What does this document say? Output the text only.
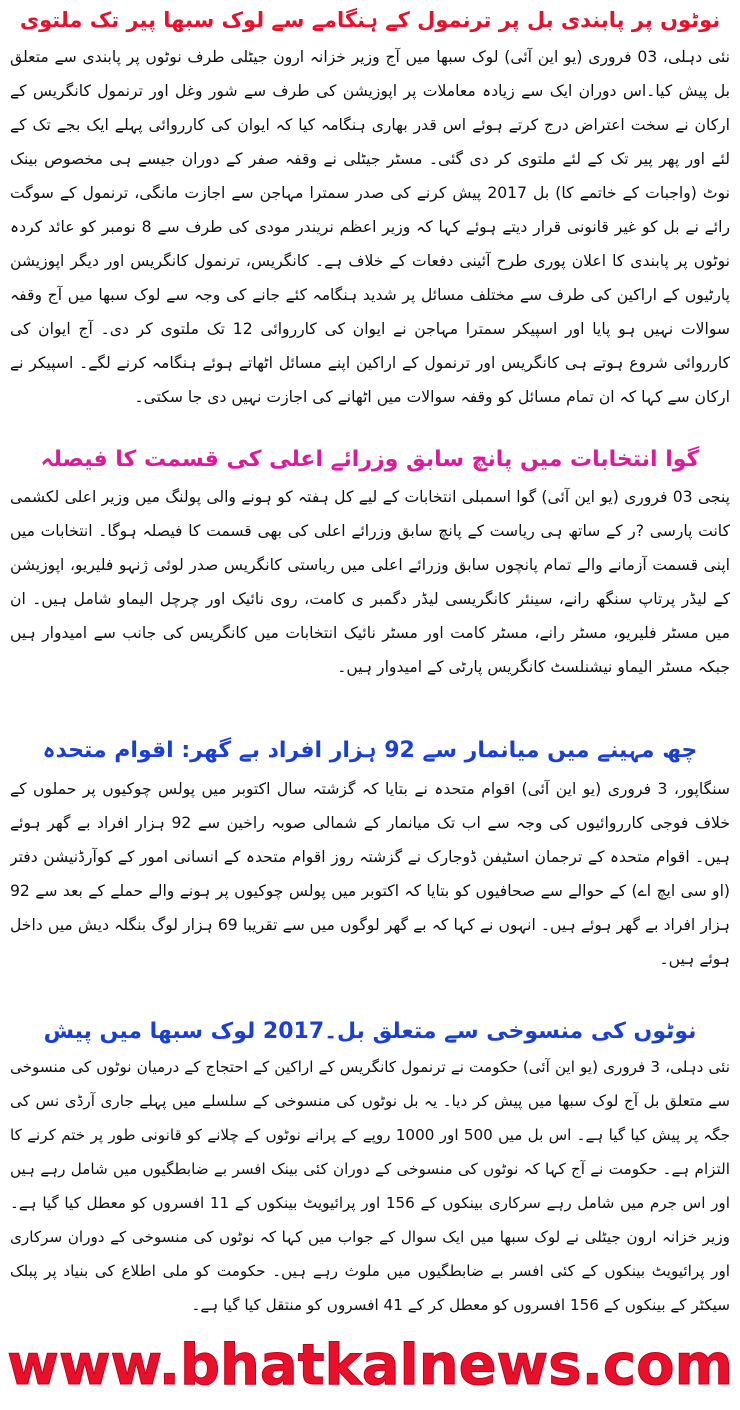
نوٹوں پر پابندی بل پر ترنمول کے ہنگامے سے لوک سبھا پیر تک ملتوی
نئی دہلی، 03 فروری (یو این آئی) لوک سبھا میں آج وزیر خزانہ ارون جیٹلی طرف نوٹوں پر پابندی سے متعلق بل پیش کیا۔اس دوران ایک سے زیادہ معاملات پر اپوزیشن کی طرف سے شور وغل اور ترنمول کانگریس کے ارکان نے سخت اعتراض درج کرتے ہوئے اس قدر بھاری ہنگامہ کیا کہ ایوان کی کارروائی پہلے ایک بجے تک کے لئے اور پھر پیر تک کے لئے ملتوی کر دی گئی۔ مسٹر جیٹلی نے وقفہ صفر کے دوران جیسے ہی مخصوص بینک نوٹ (واجبات کے خاتمے کا) بل 2017 پیش کرنے کی صدر سمترا مہاجن سے اجازت مانگی، ترنمول کے سوگت رائے نے بل کو غیر قانونی قرار دیتے ہوئے کہا کہ وزیر اعظم نریندر مودی کی طرف سے 8 نومبر کو عائد کردہ نوٹوں پر پابندی کا اعلان پوری طرح آئینی دفعات کے خلاف ہے۔ کانگریس، ترنمول کانگریس اور دیگر اپوزیشن پارٹیوں کے اراکین کی طرف سے مختلف مسائل پر شدید ہنگامہ کئے جانے کی وجہ سے لوک سبھا میں آج وقفہ سوالات نہیں ہو پایا اور اسپیکر سمترا مہاجن نے ایوان کی کارروائی 12 تک ملتوی کر دی۔ آج ایوان کی کارروائی شروع ہوتے ہی کانگریس اور ترنمول کے اراکین اپنے مسائل اٹھاتے ہوئے ہنگامہ کرنے لگے۔ اسپیکر نے ارکان سے کہا کہ ان تمام مسائل کو وقفہ سوالات میں اٹھانے کی اجازت نہیں دی جا سکتی۔
گوا انتخابات میں پانچ سابق وزرائے اعلی کی قسمت کا فیصلہ
پنجی 03 فروری (یو این آئی) گوا اسمبلی انتخابات کے لیے کل ہفتہ کو ہونے والی پولنگ میں وزیر اعلی لکشمی کانت پارسی ?ر کے ساتھ ہی ریاست کے پانچ سابق وزرائے اعلی کی بھی قسمت کا فیصلہ ہوگا۔ انتخابات میں اپنی قسمت آزمانے والے تمام پانچوں سابق وزرائے اعلی میں ریاستی کانگریس صدر لوئی ژنہو فلیریو، اپوزیشن کے لیڈر پرتاپ سنگھ رانے، سینئر کانگریسی لیڈر دگمبر ی کامت، روی نائیک اور چرچل الیماو شامل ہیں۔ ان میں مسٹر فلیریو، مسٹر رانے، مسٹر کامت اور مسٹر نائیک انتخابات میں کانگریس کی جانب سے امیدوار ہیں جبکہ مسٹر الیماو نیشنلسٹ کانگریس پارٹی کے امیدوار ہیں۔
چھ مہینے میں میانمار سے 92 ہزار افراد بے گھر: اقوام متحدہ
سنگاپور، 3 فروری (یو این آئی) اقوام متحدہ نے بتایا کہ گزشتہ سال اکتوبر میں پولس چوکیوں پر حملوں کے خلاف فوجی کارروائیوں کی وجہ سے اب تک میانمار کے شمالی صوبہ راخین سے 92 ہزار افراد بے گھر ہوئے ہیں۔ اقوام متحدہ کے ترجمان اسٹیفن ڈوجارک نے گزشتہ روز اقوام متحدہ کے انسانی امور کے کوآرڈنیشن دفتر (او سی ایچ اے) کے حوالے سے صحافیوں کو بتایا کہ اکتوبر میں پولس چوکیوں پر ہونے والے حملے کے بعد سے 92 ہزار افراد بے گھر ہوئے ہیں۔ انہوں نے کہا کہ بے گھر لوگوں میں سے تقریبا 69 ہزار لوگ بنگلہ دیش میں داخل ہوئے ہیں۔
نوٹوں کی منسوخی سے متعلق بل۔2017 لوک سبھا میں پیش
نئی دہلی، 3 فروری (یو این آئی) حکومت نے ترنمول کانگریس کے اراکین کے احتجاج کے درمیان نوٹوں کی منسوخی سے متعلق بل آج لوک سبھا میں پیش کر دیا۔ یہ بل نوٹوں کی منسوخی کے سلسلے میں پہلے جاری آرڈی نس کی جگہ پر پیش کیا گیا ہے۔ اس بل میں 500 اور 1000 روپے کے پرانے نوٹوں کے چلانے کو قانونی طور پر ختم کرنے کا التزام ہے۔ حکومت نے آج کہا کہ نوٹوں کی منسوخی کے دوران کئی بینک افسر بے ضابطگیوں میں شامل رہے ہیں اور اس جرم میں شامل رہے سرکاری بینکوں کے 156 اور پرائیویٹ بینکوں کے 11 افسروں کو معطل کیا گیا ہے۔ وزیر خزانہ ارون جیٹلی نے لوک سبھا میں ایک سوال کے جواب میں کہا کہ نوٹوں کی منسوخی کے دوران سرکاری اور پرائیویٹ بینکوں کے کئی افسر بے ضابطگیوں میں ملوث رہے ہیں۔ حکومت کو ملی اطلاع کی بنیاد پر پبلک سیکٹر کے بینکوں کے 156 افسروں کو معطل کر کے 41 افسروں کو منتقل کیا گیا ہے۔
www.bhatkalnews.com
